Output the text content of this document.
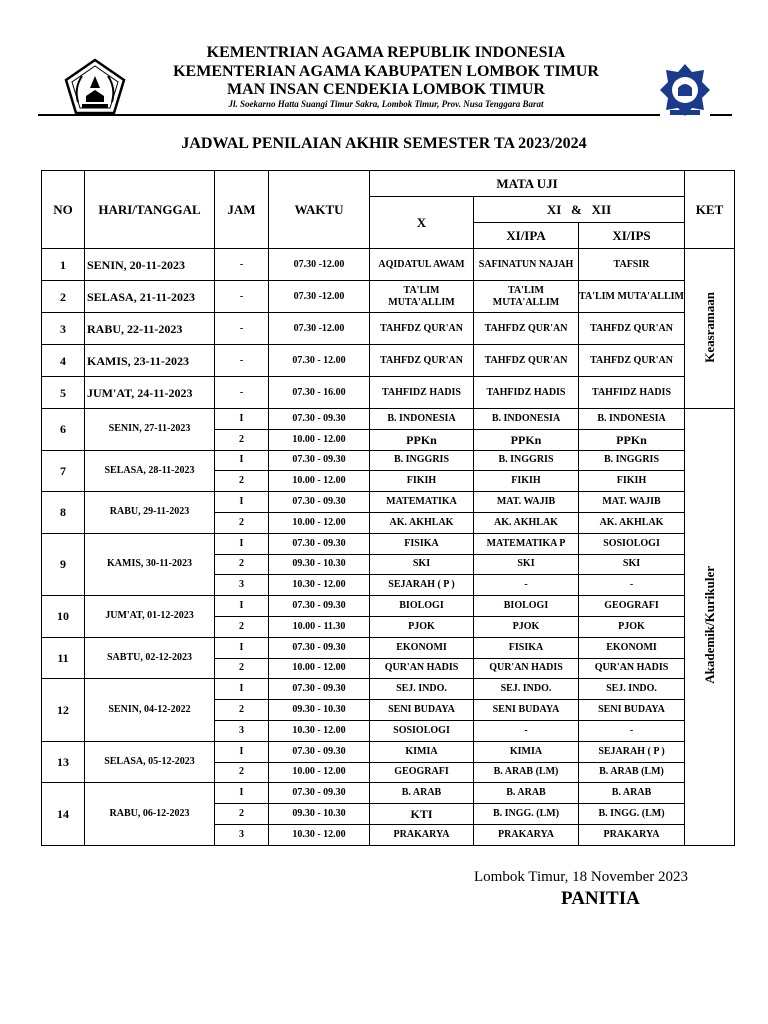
KEMENTRIAN AGAMA REPUBLIK INDONESIA
KEMENTERIAN AGAMA KABUPATEN LOMBOK TIMUR
MAN INSAN CENDEKIA LOMBOK TIMUR
Jl. Soekarno Hatta Suangi Timur Sakra, Lombok Timur, Prov. Nusa Tenggara Barat
JADWAL PENILAIAN AKHIR SEMESTER TA 2023/2024
NO	HARI/TANGGAL	JAM	WAKTU	MATA UJI			KET
				X	XI   &   XII		
					XI/IPA	XI/IPS	
1	SENIN, 20-11-2023	-	07.30 -12.00	AQIDATUL AWAM	SAFINATUN NAJAH	TAFSIR	Keasramaan
2	SELASA, 21-11-2023	-	07.30 -12.00	TA'LIM MUTA'ALLIM	TA'LIM MUTA'ALLIM	TA'LIM MUTA'ALLIM	
3	RABU, 22-11-2023	-	07.30 -12.00	TAHFDZ QUR'AN	TAHFDZ QUR'AN	TAHFDZ QUR'AN	
4	KAMIS, 23-11-2023	-	07.30 - 12.00	TAHFDZ QUR'AN	TAHFDZ QUR'AN	TAHFDZ QUR'AN	
5	JUM'AT, 24-11-2023	-	07.30 - 16.00	TAHFIDZ HADIS	TAHFIDZ HADIS	TAHFIDZ HADIS	
6	SENIN, 27-11-2023	I	07.30 - 09.30	B. INDONESIA	B. INDONESIA	B. INDONESIA	Akademik/Kurikuler
		2	10.00 - 12.00	PPKn	PPKn	PPKn	
7	SELASA, 28-11-2023	I	07.30 - 09.30	B. INGGRIS	B. INGGRIS	B. INGGRIS	
		2	10.00 - 12.00	FIKIH	FIKIH	FIKIH	
8	RABU, 29-11-2023	I	07.30 - 09.30	MATEMATIKA	MAT. WAJIB	MAT. WAJIB	
		2	10.00 - 12.00	AK. AKHLAK	AK. AKHLAK	AK. AKHLAK	
9	KAMIS, 30-11-2023	I	07.30 - 09.30	FISIKA	MATEMATIKA P	SOSIOLOGI	
		2	09.30 - 10.30	SKI	SKI	SKI	
		3	10.30 - 12.00	SEJARAH ( P )	-	-	
10	JUM'AT, 01-12-2023	I	07.30 - 09.30	BIOLOGI	BIOLOGI	GEOGRAFI	
		2	10.00 - 11.30	PJOK	PJOK	PJOK	
11	SABTU, 02-12-2023	I	07.30 - 09.30	EKONOMI	FISIKA	EKONOMI	
		2	10.00 - 12.00	QUR'AN HADIS	QUR'AN HADIS	QUR'AN HADIS	
12	SENIN, 04-12-2022	I	07.30 - 09.30	SEJ. INDO.	SEJ. INDO.	SEJ. INDO.	
		2	09.30 - 10.30	SENI BUDAYA	SENI BUDAYA	SENI BUDAYA	
		3	10.30 - 12.00	SOSIOLOGI	-	-	
13	SELASA, 05-12-2023	I	07.30 - 09.30	KIMIA	KIMIA	SEJARAH ( P )	
		2	10.00 - 12.00	GEOGRAFI	B. ARAB (LM)	B. ARAB (LM)	
14	RABU, 06-12-2023	I	07.30 - 09.30	B. ARAB	B. ARAB	B. ARAB	
		2	09.30 - 10.30	KTI	B. INGG. (LM)	B. INGG. (LM)	
		3	10.30 - 12.00	PRAKARYA	PRAKARYA	PRAKARYA	
Lombok Timur, 18 November 2023
PANITIA
